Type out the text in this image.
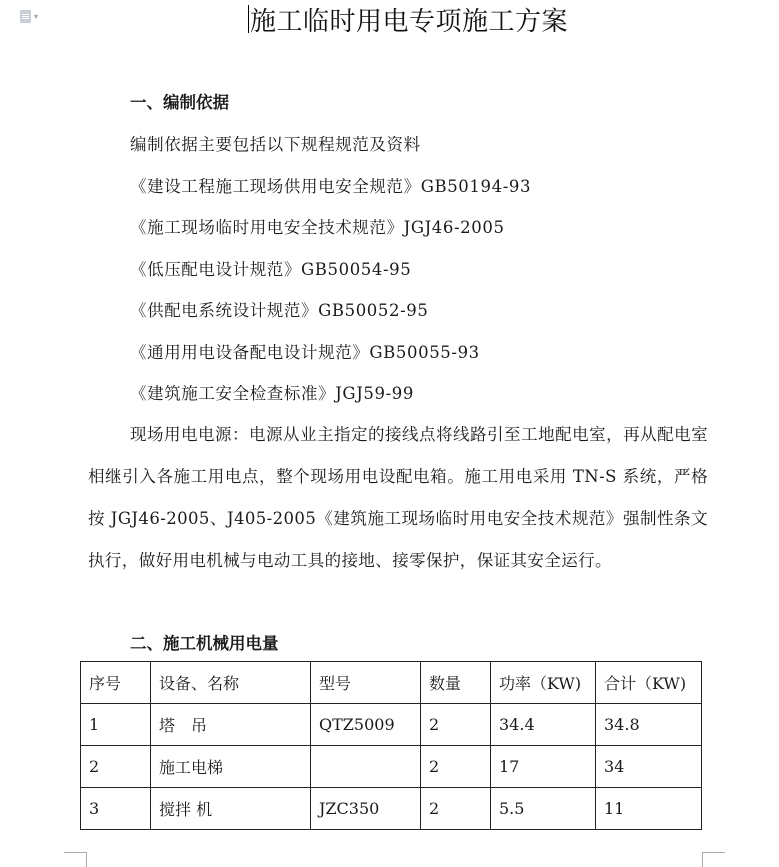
▾	施工临时用电专项施工方案
一、编制依据

编制依据主要包括以下规程规范及资料

《建设工程施工现场供用电安全规范》GB50194-93

《施工现场临时用电安全技术规范》JGJ46-2005

《低压配电设计规范》GB50054-95

《供配电系统设计规范》GB50052-95

《通用用电设备配电设计规范》GB50055-93

《建筑施工安全检查标准》JGJ59-99

现场用电电源：电源从业主指定的接线点将线路引至工地配电室，再从配电室相继引入各施工用电点，整个现场用电设配电箱。施工用电采用 TN-S 系统，严格按 JGJ46-2005、J405-2005《建筑施工现场临时用电安全技术规范》强制性条文执行，做好用电机械与电动工具的接地、接零保护，保证其安全运行。

二、施工机械用电量
序号	设备、名称	型号	数量	功率（KW)	合计（KW)
1	塔　吊	QTZ5009	2	34.4	34.8
2	施工电梯		2	17	34
3	搅拌 机	JZC350	2	5.5	11
